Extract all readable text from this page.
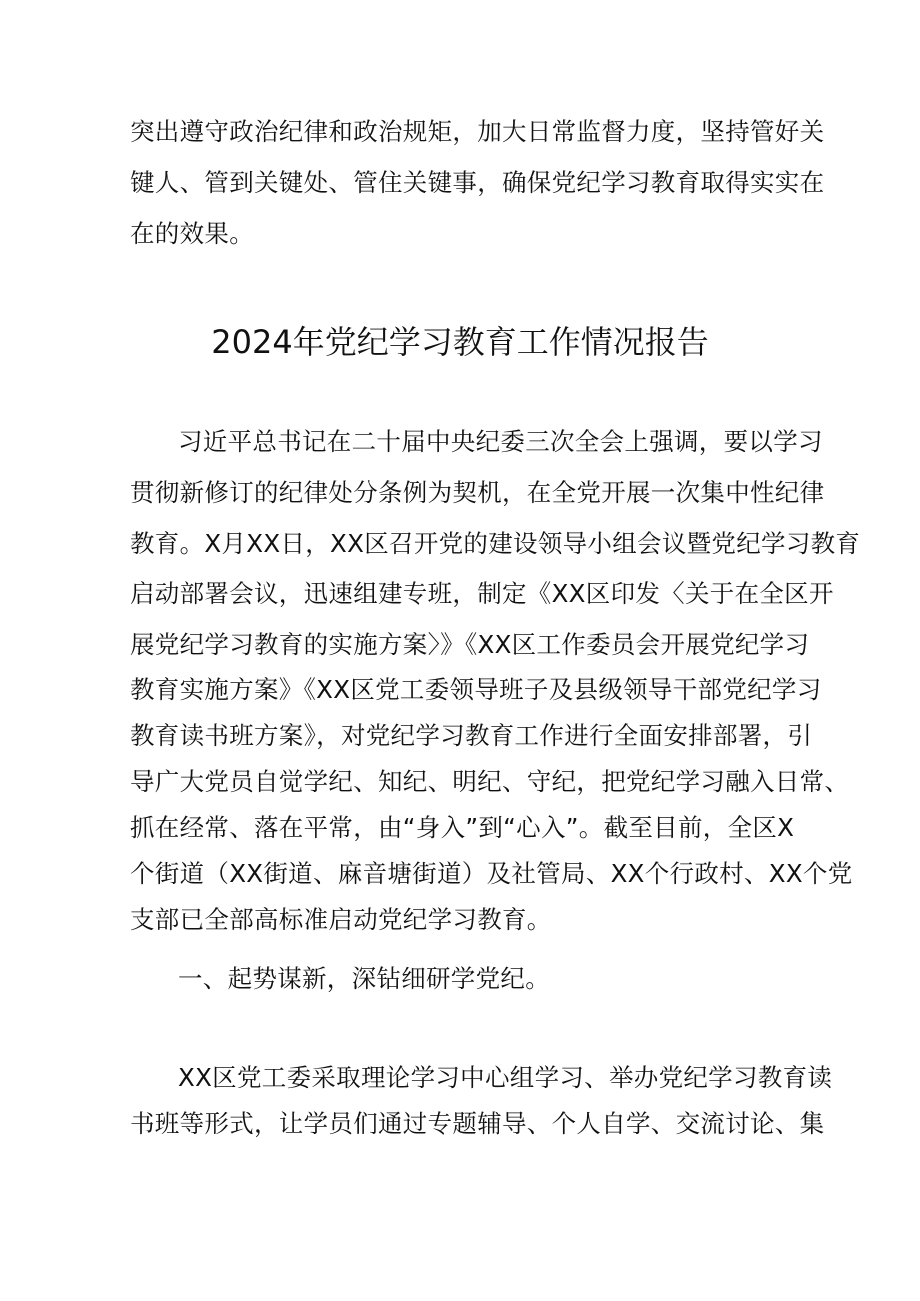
突出遵守政治纪律和政治规矩，加大日常监督力度，坚持管好关
键人、管到关键处、管住关键事，确保党纪学习教育取得实实在
在的效果。
2024年党纪学习教育工作情况报告
习近平总书记在二十届中央纪委三次全会上强调，要以学习
贯彻新修订的纪律处分条例为契机，在全党开展一次集中性纪律
教育。X月XX日，XX区召开党的建设领导小组会议暨党纪学习教育
启动部署会议，迅速组建专班，制定《XX区印发〈关于在全区开
展党纪学习教育的实施方案〉》《XX区工作委员会开展党纪学习
教育实施方案》《XX区党工委领导班子及县级领导干部党纪学习
教育读书班方案》，对党纪学习教育工作进行全面安排部署，引
导广大党员自觉学纪、知纪、明纪、守纪，把党纪学习融入日常、
抓在经常、落在平常，由“身入”到“心入”。截至目前，全区X
个街道（XX街道、麻音塘街道）及社管局、XX个行政村、XX个党
支部已全部高标准启动党纪学习教育。
一、起势谋新，深钻细研学党纪。
XX区党工委采取理论学习中心组学习、举办党纪学习教育读
书班等形式，让学员们通过专题辅导、个人自学、交流讨论、集
